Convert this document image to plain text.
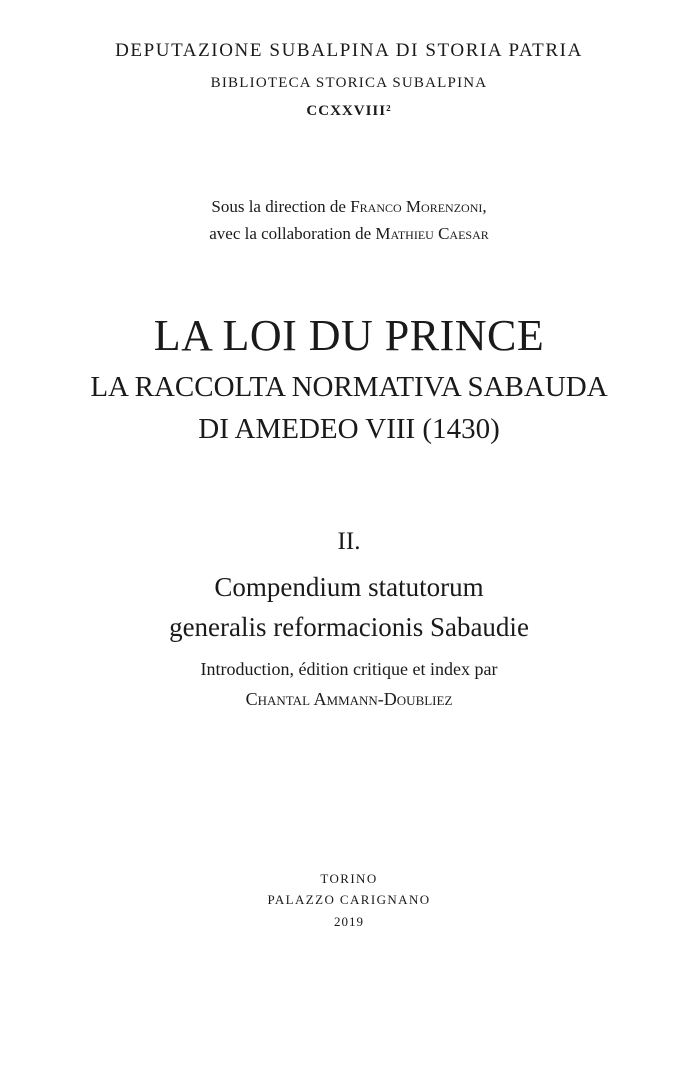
DEPUTAZIONE SUBALPINA DI STORIA PATRIA
BIBLIOTECA STORICA SUBALPINA
CCXXVIII²
Sous la direction de Franco Morenzoni,
avec la collaboration de Mathieu Caesar
LA LOI DU PRINCE
LA RACCOLTA NORMATIVA SABAUDA
DI AMEDEO VIII (1430)
II.
Compendium statutorum
generalis reformacionis Sabaudie
Introduction, édition critique et index par
Chantal Ammann-Doubliez
TORINO
PALAZZO CARIGNANO
2019
